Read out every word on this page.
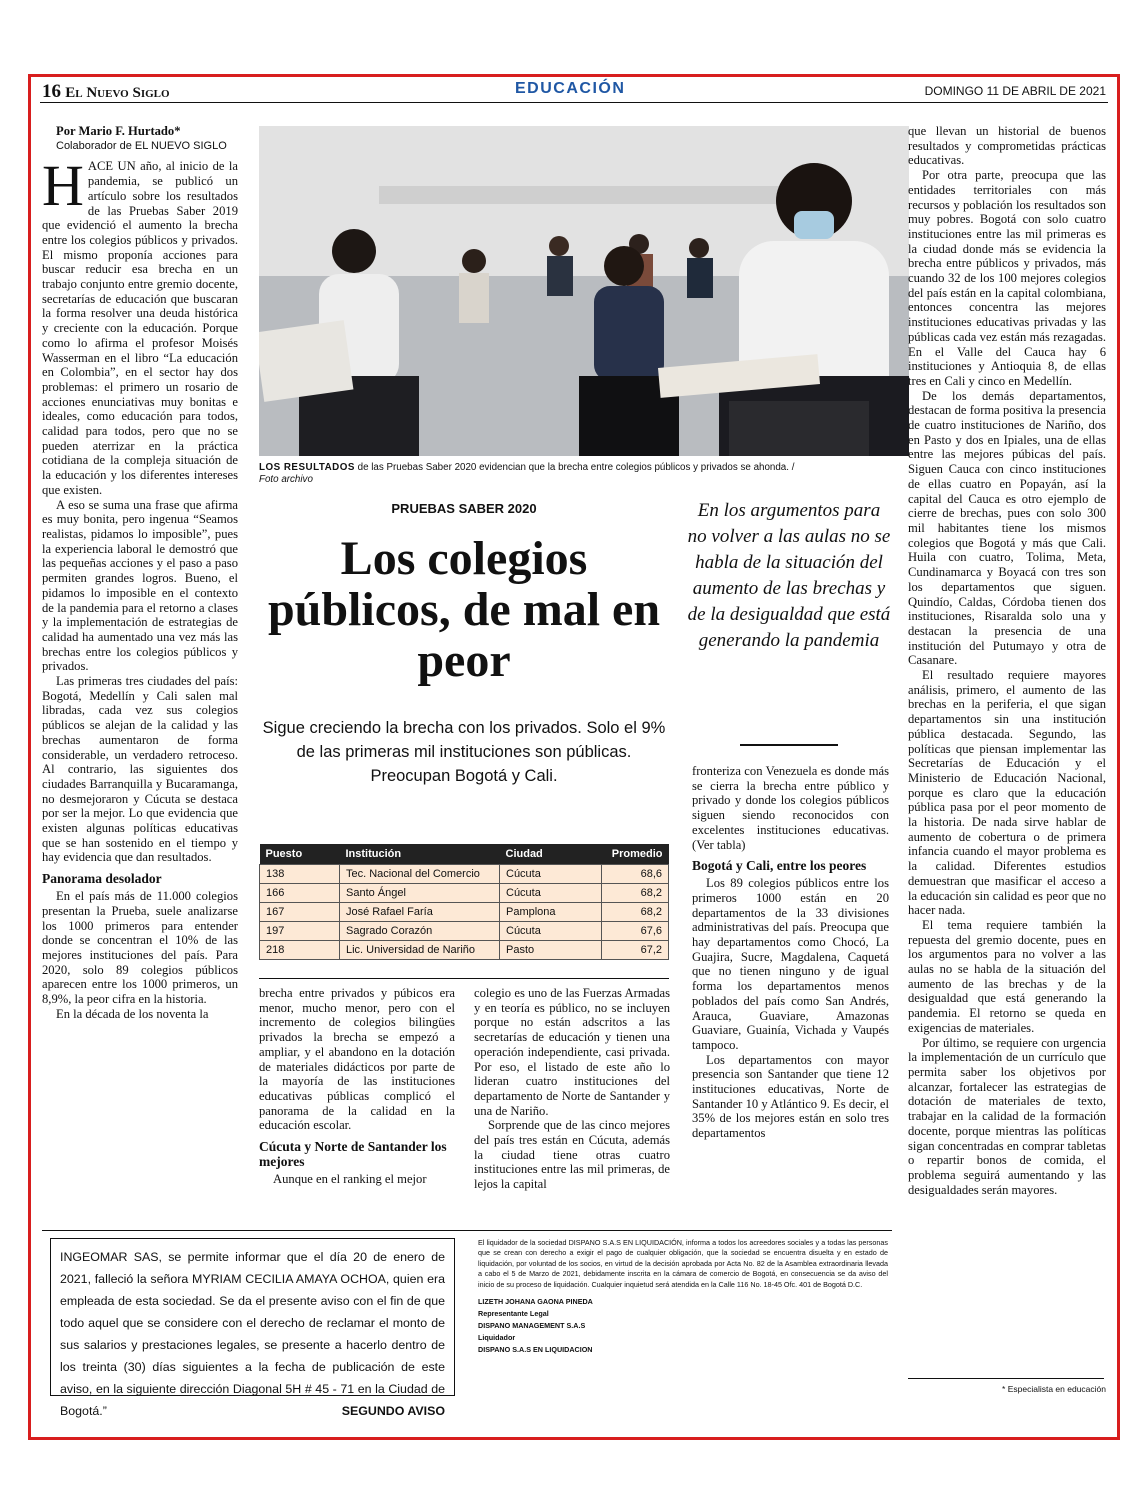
16 El Nuevo Siglo	EDUCACIÓN	DOMINGO 11 DE ABRIL DE 2021

Por Mario F. Hurtado*

Colaborador de EL NUEVO SIGLO

HACE UN año, al inicio de la pandemia, se publicó un artículo sobre los resultados de las Pruebas Saber 2019 que evidenció el aumento la brecha entre los colegios públicos y privados. El mismo proponía acciones para buscar reducir esa brecha en un trabajo conjunto entre gremio docente, secretarías de educación que buscaran la forma resolver una deuda histórica y creciente con la educación. Porque como lo afirma el profesor Moisés Wasserman en el libro “La educación en Colombia”, en el sector hay dos problemas: el primero un rosario de acciones enunciativas muy bonitas e ideales, como educación para todos, calidad para todos, pero que no se pueden aterrizar en la práctica cotidiana de la compleja situación de la educación y los diferentes intereses que existen.

A eso se suma una frase que afirma es muy bonita, pero ingenua “Seamos realistas, pidamos lo imposible”, pues la experiencia laboral le demostró que las pequeñas acciones y el paso a paso permiten grandes logros. Bueno, el pidamos lo imposible en el contexto de la pandemia para el retorno a clases y la implementación de estrategias de calidad ha aumentado una vez más las brechas entre los colegios públicos y privados.

Las primeras tres ciudades del país: Bogotá, Medellín y Cali salen mal libradas, cada vez sus colegios públicos se alejan de la calidad y las brechas aumentaron de forma considerable, un verdadero retroceso. Al contrario, las siguientes dos ciudades Barranquilla y Bucaramanga, no desmejoraron y Cúcuta se destaca por ser la mejor. Lo que evidencia que existen algunas políticas educativas que se han sostenido en el tiempo y hay evidencia que dan resultados.

Panorama desolador

En el país más de 11.000 colegios presentan la Prueba, suele analizarse los 1000 primeros para entender donde se concentran el 10% de las mejores instituciones del país. Para 2020, solo 89 colegios públicos aparecen entre los 1000 primeros, un 8,9%, la peor cifra en la historia.

En la década de los noventa la

LOS RESULTADOS de las Pruebas Saber 2020 evidencian que la brecha entre colegios públicos y privados se ahonda. /
Foto archivo
PRUEBAS SABER 2020
Los colegios públicos, de mal en peor
Sigue creciendo la brecha con los privados. Solo el 9% de las primeras mil instituciones son públicas. Preocupan Bogotá y Cali.
En los argumentos para no volver a las aulas no se habla de la situación del aumento de las brechas y de la desigualdad que está generando la pandemia
Puesto	Institución	Ciudad	Promedio
138	Tec. Nacional del Comercio	Cúcuta	68,6
166	Santo Ángel	Cúcuta	68,2
167	José Rafael Faría	Pamplona	68,2
197	Sagrado Corazón	Cúcuta	67,6
218	Lic. Universidad de Nariño	Pasto	67,2

brecha entre privados y púbicos era menor, mucho menor, pero con el incremento de colegios bilingües privados la brecha se empezó a ampliar, y el abandono en la dotación de materiales didácticos por parte de la mayoría de las instituciones educativas públicas complicó el panorama de la calidad en la educación escolar.

Cúcuta y Norte de Santander los mejores

Aunque en el ranking el mejor

colegio es uno de las Fuerzas Armadas y en teoría es público, no se incluyen porque no están adscritos a las secretarías de educación y tienen una operación independiente, casi privada. Por eso, el listado de este año lo lideran cuatro instituciones del departamento de Norte de Santander y una de Nariño.

Sorprende que de las cinco mejores del país tres están en Cúcuta, además la ciudad tiene otras cuatro instituciones entre las mil primeras, de lejos la capital

fronteriza con Venezuela es donde más se cierra la brecha entre público y privado y donde los colegios públicos siguen siendo reconocidos con excelentes instituciones educativas. (Ver tabla)

Bogotá y Cali, entre los peores

Los 89 colegios públicos entre los primeros 1000 están en 20 departamentos de la 33 divisiones administrativas del país. Preocupa que hay departamentos como Chocó, La Guajira, Sucre, Magdalena, Caquetá que no tienen ninguno y de igual forma los departamentos menos poblados del país como San Andrés, Arauca, Guaviare, Amazonas Guaviare, Guainía, Vichada y Vaupés tampoco.

Los departamentos con mayor presencia son Santander que tiene 12 instituciones educativas, Norte de Santander 10 y Atlántico 9. Es decir, el 35% de los mejores están en solo tres departamentos

que llevan un historial de buenos resultados y comprometidas prácticas educativas.

Por otra parte, preocupa que las entidades territoriales con más recursos y población los resultados son muy pobres. Bogotá con solo cuatro instituciones entre las mil primeras es la ciudad donde más se evidencia la brecha entre públicos y privados, más cuando 32 de los 100 mejores colegios del país están en la capital colombiana, entonces concentra las mejores instituciones educativas privadas y las públicas cada vez están más rezagadas. En el Valle del Cauca hay 6 instituciones y Antioquia 8, de ellas tres en Cali y cinco en Medellín.

De los demás departamentos, destacan de forma positiva la presencia de cuatro instituciones de Nariño, dos en Pasto y dos en Ipiales, una de ellas entre las mejores púbicas del país. Siguen Cauca con cinco instituciones de ellas cuatro en Popayán, así la capital del Cauca es otro ejemplo de cierre de brechas, pues con solo 300 mil habitantes tiene los mismos colegios que Bogotá y más que Cali. Huila con cuatro, Tolima, Meta, Cundinamarca y Boyacá con tres son los departamentos que siguen. Quindío, Caldas, Córdoba tienen dos instituciones, Risaralda solo una y destacan la presencia de una institución del Putumayo y otra de Casanare.

El resultado requiere mayores análisis, primero, el aumento de las brechas en la periferia, el que sigan departamentos sin una institución pública destacada. Segundo, las políticas que piensan implementar las Secretarías de Educación y el Ministerio de Educación Nacional, porque es claro que la educación pública pasa por el peor momento de la historia. De nada sirve hablar de aumento de cobertura o de primera infancia cuando el mayor problema es la calidad. Diferentes estudios demuestran que masificar el acceso a la educación sin calidad es peor que no hacer nada.

El tema requiere también la repuesta del gremio docente, pues en los argumentos para no volver a las aulas no se habla de la situación del aumento de las brechas y de la desigualdad que está generando la pandemia. El retorno se queda en exigencias de materiales.

Por último, se requiere con urgencia la implementación de un currículo que permita saber los objetivos por alcanzar, fortalecer las estrategias de dotación de materiales de texto, trabajar en la calidad de la formación docente, porque mientras las políticas sigan concentradas en comprar tabletas o repartir bonos de comida, el problema seguirá aumentando y las desigualdades serán mayores.

* Especialista en educación
INGEOMAR SAS, se permite informar que el día 20 de enero de 2021, falleció la señora MYRIAM CECILIA AMAYA OCHOA, quien era empleada de esta sociedad. Se da el presente aviso con el fin de que todo aquel que se considere con el derecho de reclamar el monto de sus salarios y prestaciones legales, se presente a hacerlo dentro de los treinta (30) días siguientes a la fecha de publicación de este aviso, en la siguiente dirección Diagonal 5H # 45 - 71 en la Ciudad de Bogotá.”	SEGUNDO AVISO
El liquidador de la sociedad DISPANO S.A.S EN LIQUIDACIÓN, informa a todos los acreedores sociales y a todas las personas que se crean con derecho a exigir el pago de cualquier obligación, que la sociedad se encuentra disuelta y en estado de liquidación, por voluntad de los socios, en virtud de la decisión aprobada por Acta No. 82 de la Asamblea extraordinaria llevada a cabo el 5 de Marzo de 2021, debidamente inscrita en la cámara de comercio de Bogotá, en consecuencia se da aviso del inicio de su proceso de liquidación. Cualquier inquietud será atendida en la Calle 116 No. 18-45 Ofc. 401 de Bogotá D.C.
LIZETH JOHANA GAONA PINEDA
Representante Legal
DISPANO MANAGEMENT S.A.S
Liquidador
DISPANO S.A.S EN LIQUIDACION
